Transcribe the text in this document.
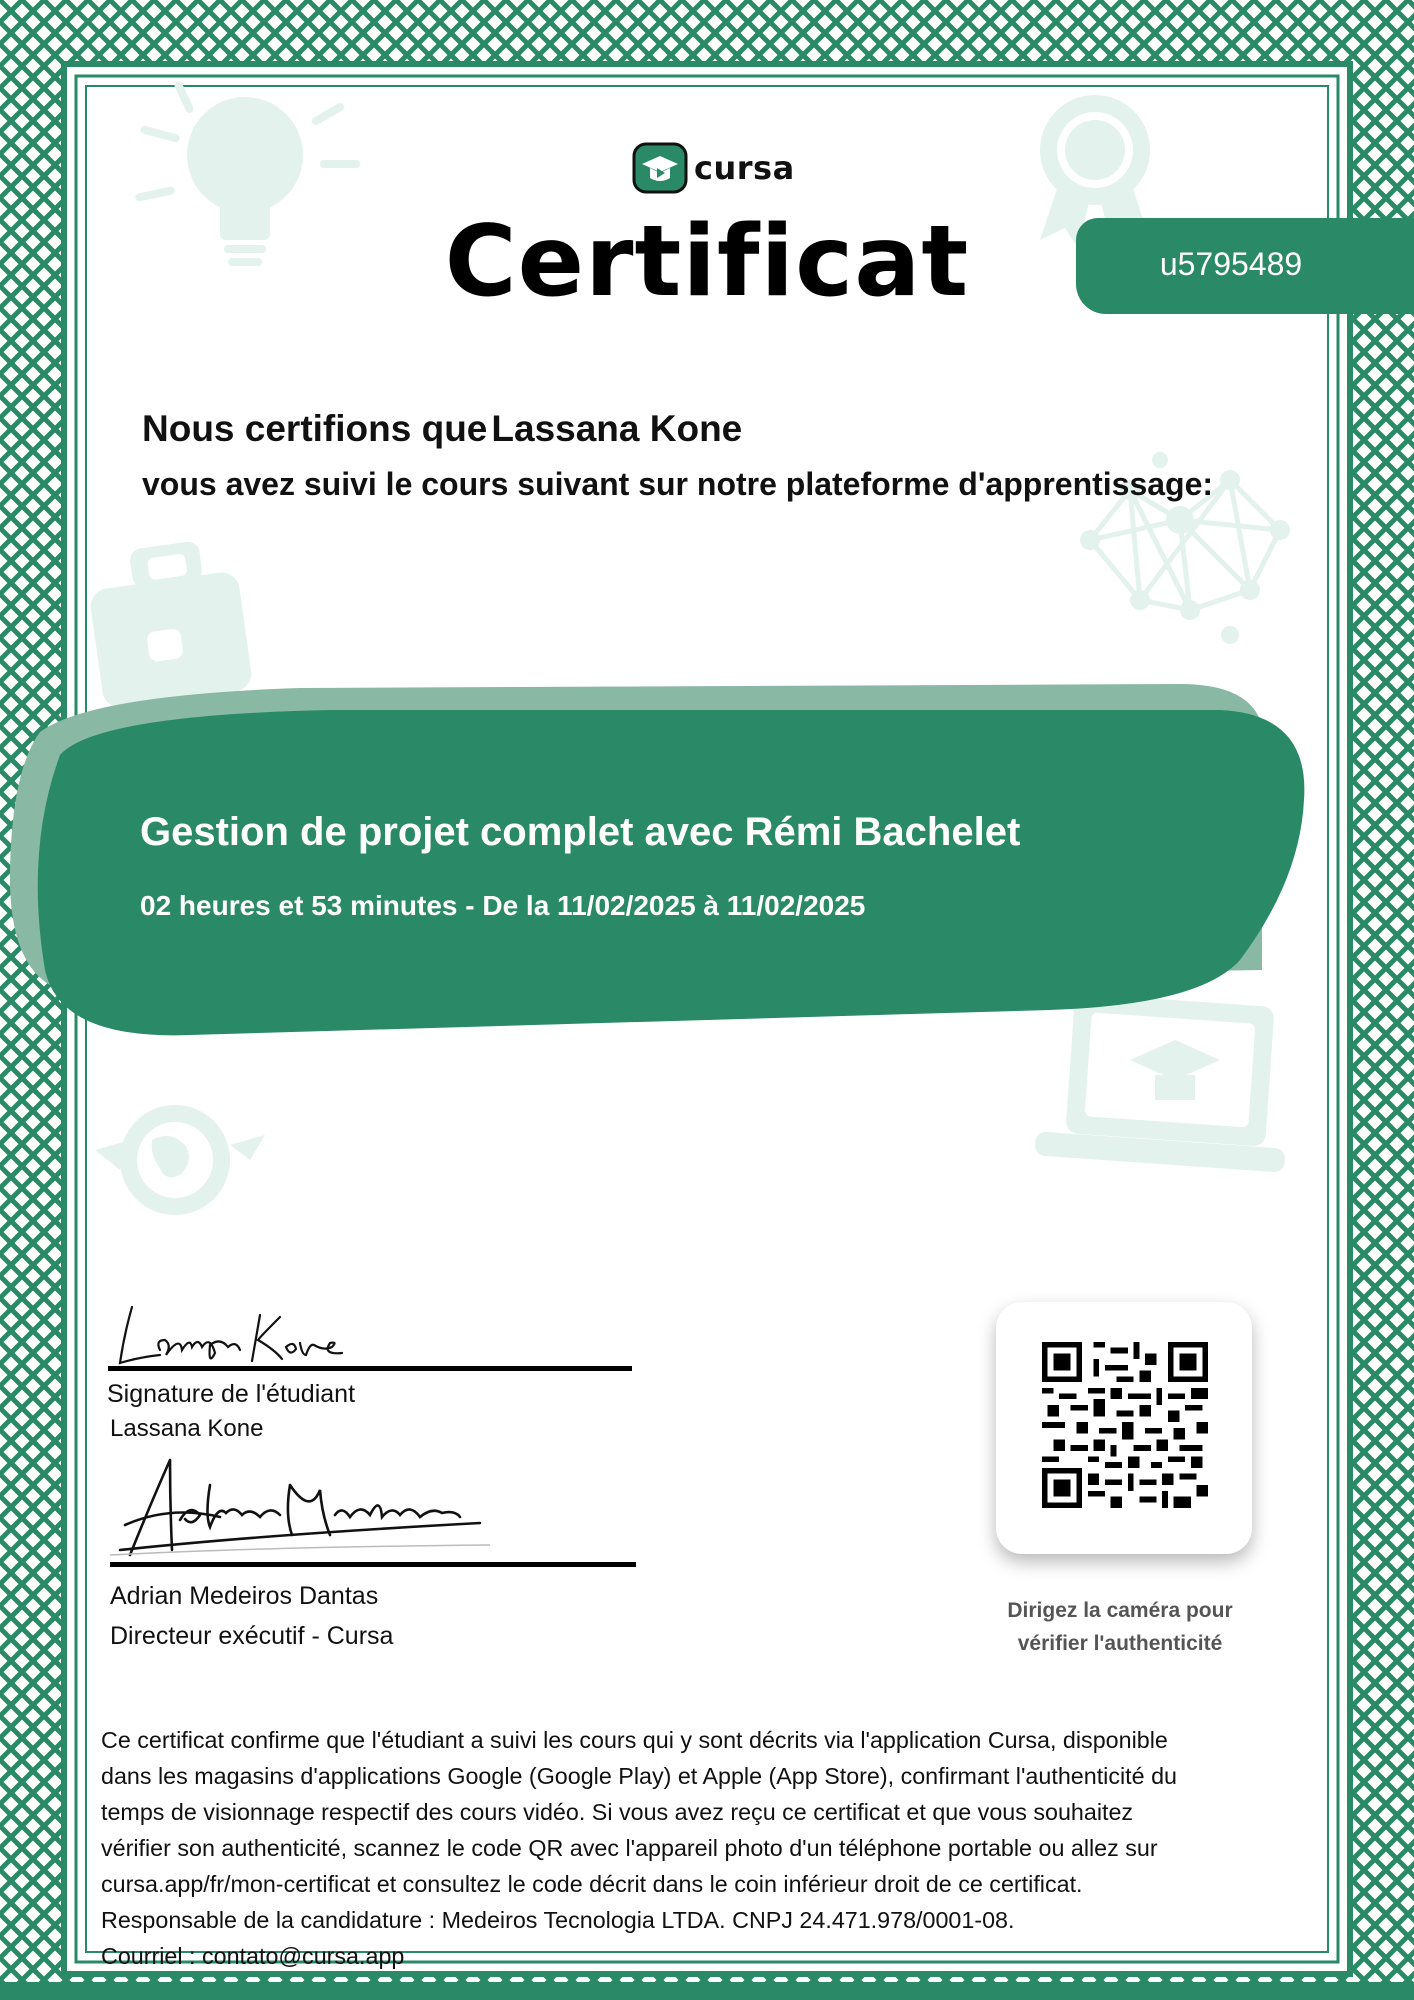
cursa
Certificat	u5795489
Nous certifions que Lassana Kone
vous avez suivi le cours suivant sur notre plateforme d'apprentissage:
Gestion de projet complet avec Rémi Bachelet
02 heures et 53 minutes - De la 11/02/2025 à 11/02/2025
Signature de l'étudiant
Lassana Kone
Adrian Medeiros Dantas
Directeur exécutif - Cursa
Dirigez la caméra pour
vérifier l'authenticité
Ce certificat confirme que l'étudiant a suivi les cours qui y sont décrits via l'application Cursa, disponible
dans les magasins d'applications Google (Google Play) et Apple (App Store), confirmant l'authenticité du
temps de visionnage respectif des cours vidéo. Si vous avez reçu ce certificat et que vous souhaitez
vérifier son authenticité, scannez le code QR avec l'appareil photo d'un téléphone portable ou allez sur
cursa.app/fr/mon-certificat et consultez le code décrit dans le coin inférieur droit de ce certificat.
Responsable de la candidature : Medeiros Tecnologia LTDA. CNPJ 24.471.978/0001-08.
Courriel : contato@cursa.app
